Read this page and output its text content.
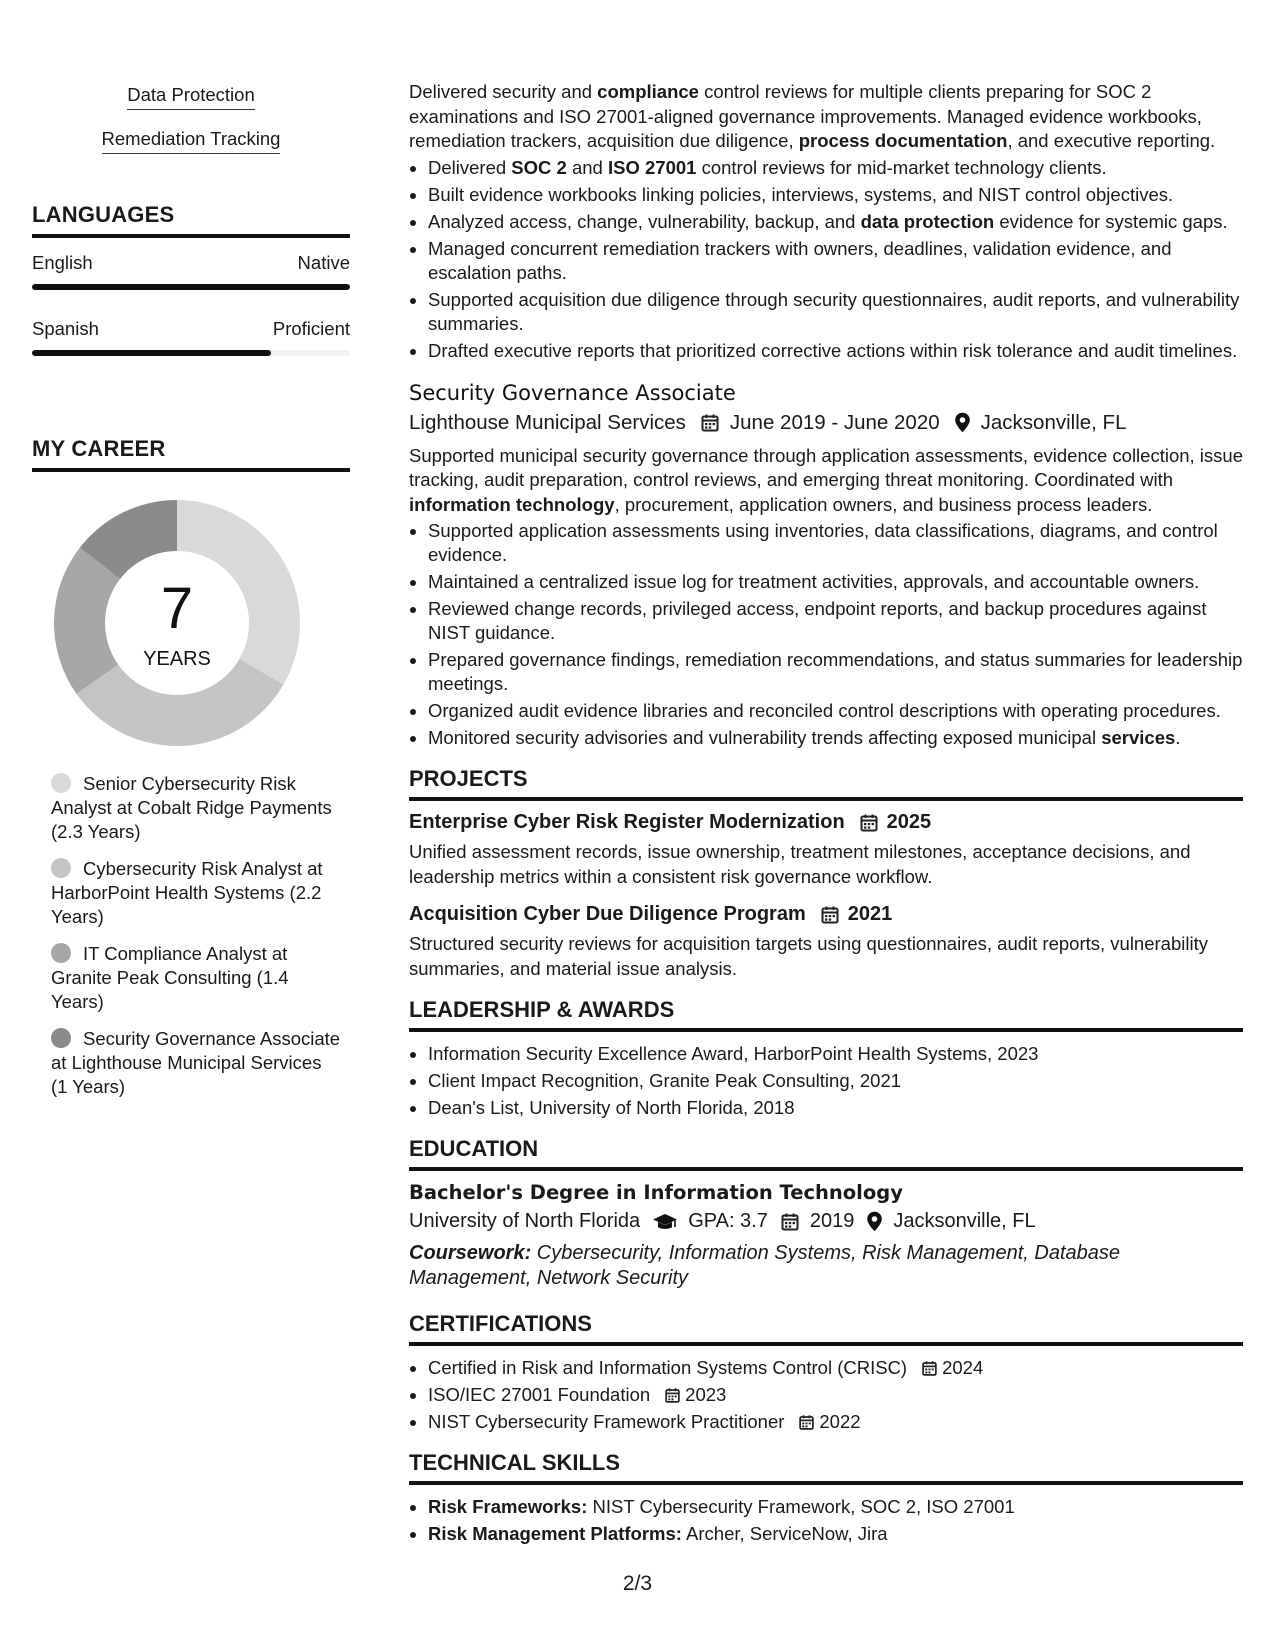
Data Protection
Remediation Tracking
LANGUAGES
English	Native
Spanish	Proficient
MY CAREER
7
YEARS
Senior Cybersecurity Risk Analyst at Cobalt Ridge Payments (2.3 Years)
Cybersecurity Risk Analyst at HarborPoint Health Systems (2.2 Years)
IT Compliance Analyst at Granite Peak Consulting (1.4 Years)
Security Governance Associate at Lighthouse Municipal Services (1 Years)

Delivered security and compliance control reviews for multiple clients preparing for SOC 2 examinations and ISO 27001-aligned governance improvements. Managed evidence workbooks, remediation trackers, acquisition due diligence, process documentation, and executive reporting.

• Delivered SOC 2 and ISO 27001 control reviews for mid-market technology clients.
• Built evidence workbooks linking policies, interviews, systems, and NIST control objectives.
• Analyzed access, change, vulnerability, backup, and data protection evidence for systemic gaps.
• Managed concurrent remediation trackers with owners, deadlines, validation evidence, and escalation paths.
• Supported acquisition due diligence through security questionnaires, audit reports, and vulnerability summaries.
• Drafted executive reports that prioritized corrective actions within risk tolerance and audit timelines.
Security Governance Associate
Lighthouse Municipal Services June 2019 - June 2020 Jacksonville, FL

Supported municipal security governance through application assessments, evidence collection, issue tracking, audit preparation, control reviews, and emerging threat monitoring. Coordinated with information technology, procurement, application owners, and business process leaders.

• Supported application assessments using inventories, data classifications, diagrams, and control evidence.
• Maintained a centralized issue log for treatment activities, approvals, and accountable owners.
• Reviewed change records, privileged access, endpoint reports, and backup procedures against NIST guidance.
• Prepared governance findings, remediation recommendations, and status summaries for leadership meetings.
• Organized audit evidence libraries and reconciled control descriptions with operating procedures.
• Monitored security advisories and vulnerability trends affecting exposed municipal services.
PROJECTS
Enterprise Cyber Risk Register Modernization 2025

Unified assessment records, issue ownership, treatment milestones, acceptance decisions, and leadership metrics within a consistent risk governance workflow.

Acquisition Cyber Due Diligence Program 2021

Structured security reviews for acquisition targets using questionnaires, audit reports, vulnerability summaries, and material issue analysis.

LEADERSHIP & AWARDS
• Information Security Excellence Award, HarborPoint Health Systems, 2023
• Client Impact Recognition, Granite Peak Consulting, 2021
• Dean's List, University of North Florida, 2018
EDUCATION
Bachelor's Degree in Information Technology
University of North Florida GPA: 3.7 2019 Jacksonville, FL
Coursework: Cybersecurity, Information Systems, Risk Management, Database Management, Network Security
CERTIFICATIONS
• Certified in Risk and Information Systems Control (CRISC) 2024
• ISO/IEC 27001 Foundation 2023
• NIST Cybersecurity Framework Practitioner 2022
TECHNICAL SKILLS
• Risk Frameworks: NIST Cybersecurity Framework, SOC 2, ISO 27001
• Risk Management Platforms: Archer, ServiceNow, Jira
2/3
